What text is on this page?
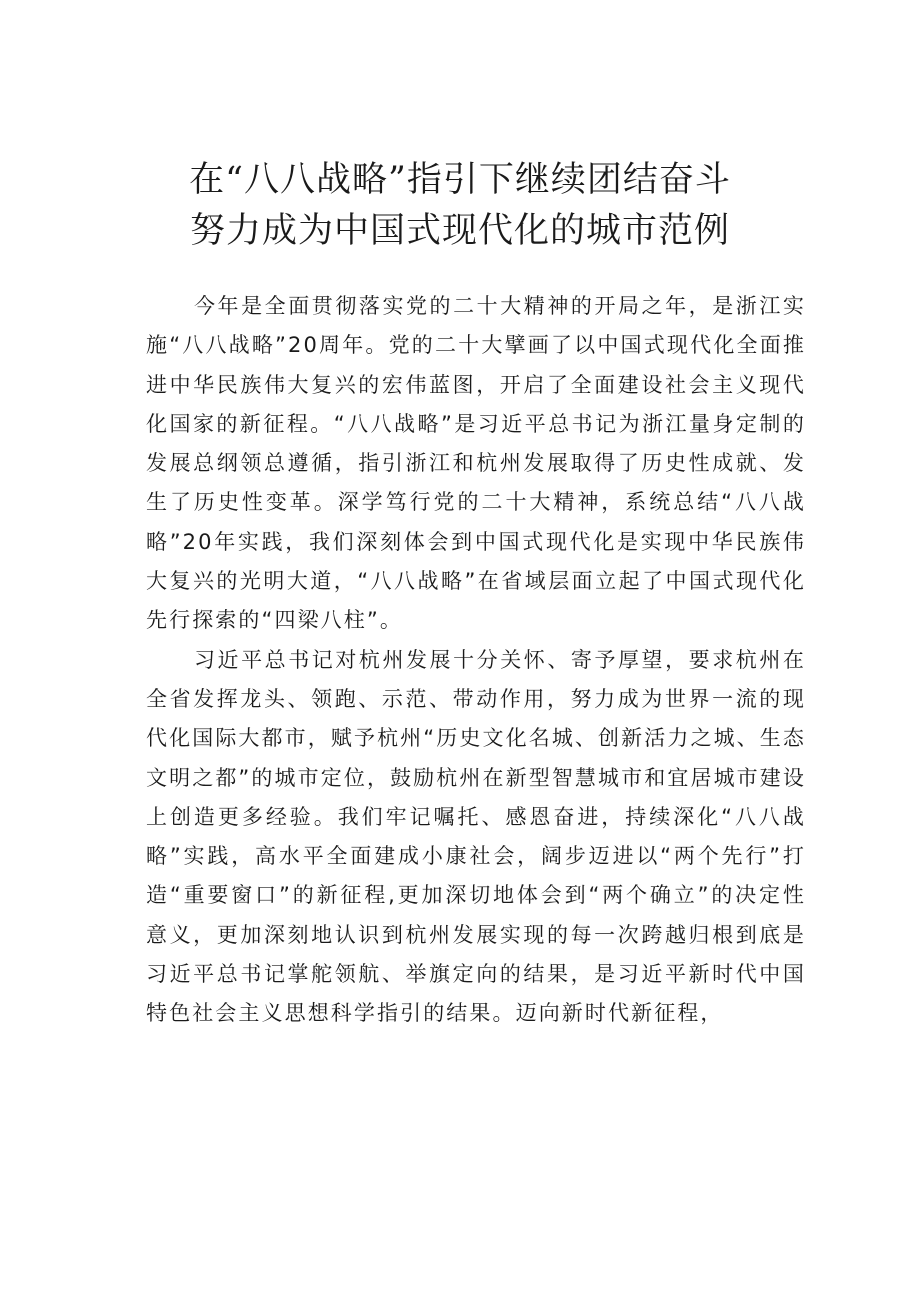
在“八八战略”指引下继续团结奋斗
努力成为中国式现代化的城市范例

今年是全面贯彻落实党的二十大精神的开局之年，是浙江实施“八八战略”20周年。党的二十大擘画了以中国式现代化全面推进中华民族伟大复兴的宏伟蓝图，开启了全面建设社会主义现代化国家的新征程。“八八战略”是习近平总书记为浙江量身定制的发展总纲领总遵循，指引浙江和杭州发展取得了历史性成就、发生了历史性变革。深学笃行党的二十大精神，系统总结“八八战略”20年实践，我们深刻体会到中国式现代化是实现中华民族伟大复兴的光明大道，“八八战略”在省域层面立起了中国式现代化先行探索的“四梁八柱”。

习近平总书记对杭州发展十分关怀、寄予厚望，要求杭州在全省发挥龙头、领跑、示范、带动作用，努力成为世界一流的现代化国际大都市，赋予杭州“历史文化名城、创新活力之城、生态文明之都”的城市定位，鼓励杭州在新型智慧城市和宜居城市建设上创造更多经验。我们牢记嘱托、感恩奋进，持续深化“八八战略”实践，高水平全面建成小康社会，阔步迈进以“两个先行”打造“重要窗口”的新征程,更加深切地体会到“两个确立”的决定性意义，更加深刻地认识到杭州发展实现的每一次跨越归根到底是习近平总书记掌舵领航、举旗定向的结果，是习近平新时代中国特色社会主义思想科学指引的结果。迈向新时代新征程，
